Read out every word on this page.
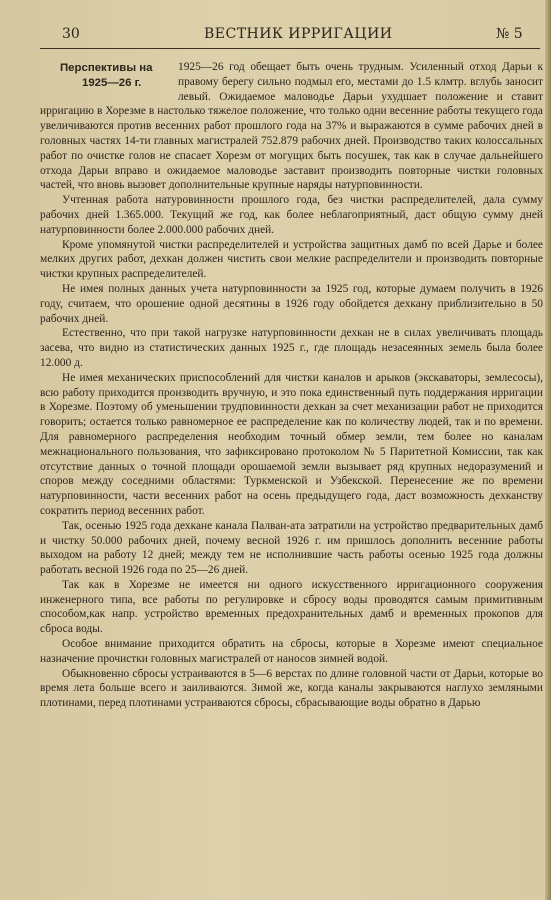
30	ВЕСТНИК ИРРИГАЦИИ	№ 5
Перспективы на
1925—26 г.

1925—26 год обещает быть очень трудным. Усиленный отход Дарьи к правому берегу сильно подмыл его, местами до 1.5 клмтр. вглубь заносит левый. Ожидаемое маловодье Дарьи ухудшает положение и ставит ирригацию в Хорезме в настолько тяжелое положение, что только одни весенние работы текущего года увеличиваются против весенних работ прошлого года на 37% и выражаются в сумме рабочих дней в головных частях 14-ти главных магистралей 752.879 рабочих дней. Производство таких колоссальных работ по очистке голов не спасает Хорезм от могущих быть посушек, так как в случае дальнейшего отхода Дарьи вправо и ожидаемое маловодье заставит производить повторные чистки головных частей, что вновь вызовет дополнительные крупные наряды натурповинности.

Учтенная работа натуровинности прошлого года, без чистки распределителей, дала сумму рабочих дней 1.365.000. Текущий же год, как более неблагоприятный, даст общую сумму дней натурповинности более 2.000.000 рабочих дней.

Кроме упомянутой чистки распределителей и устройства защитных дамб по всей Дарье и более мелких других работ, дехкан должен чистить свои мелкие распределители и производить повторные чистки крупных распределителей.

Не имея полных данных учета натурповинности за 1925 год, которые думаем получить в 1926 году, считаем, что орошение одной десятины в 1926 году обойдется дехкану приблизительно в 50 рабочих дней.

Естественно, что при такой нагрузке натурповинности дехкан не в силах увеличивать площадь засева, что видно из статистических данных 1925 г., где площадь незасеянных земель была более 12.000 д.

Не имея механических приспособлений для чистки каналов и арыков (экскаваторы, землесосы), всю работу приходится производить вручную, и это пока единственный путь поддержания ирригации в Хорезме. Поэтому об уменьшении трудповинности дехкан за счет механизации работ не приходится говорить; остается только равномерное ее распределение как по количеству людей, так и по времени. Для равномерного распределения необходим точный обмер земли, тем более но каналам межнационального пользования, что зафиксировано протоколом № 5 Паритетной Комиссии, так как отсутствие данных о точной площади орошаемой земли вызывает ряд крупных недоразумений и споров между соседними областями: Туркменской и Узбекской. Перенесение же по времени натурповинности, части весенних работ на осень предыдущего года, даст возможность дехканству сократить период весенних работ.

Так, осенью 1925 года дехкане канала Палван-ата затратили на устройство предварительных дамб и чистку 50.000 рабочих дней, почему весной 1926 г. им пришлось дополнить весенние работы выходом на работу 12 дней; между тем не исполнившие часть работы осенью 1925 года должны работать весной 1926 года по 25—26 дней.

Так как в Хорезме не имеется ни одного искусственного ирригационного сооружения инженерного типа, все работы по регулировке и сбросу воды проводятся самым примитивным способом,как напр. устройство временных предохранительных дамб и временных прокопов для сброса воды.

Особое внимание приходится обратить на сбросы, которые в Хорезме имеют специальное назначение прочистки головных магистралей от наносов зимней водой.

Обыкновенно сбросы устраиваются в 5—6 верстах по длине головной части от Дарьи, которые во время лета больше всего и заиливаются. Зимой же, когда каналы закрываются наглухо земляными плотинами, перед плотинами устраиваются сбросы, сбрасывающие воды обратно в Дарью
